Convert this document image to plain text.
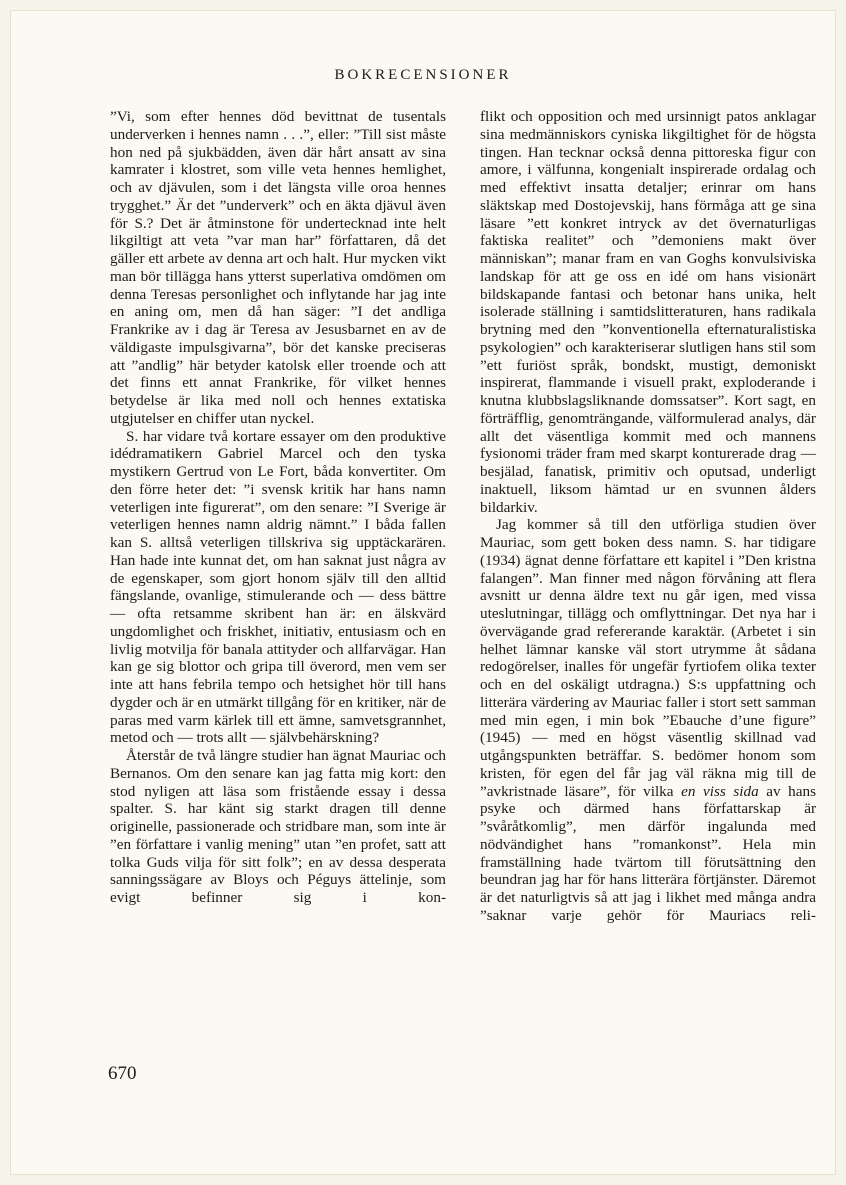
BOKRECENSIONER

”Vi, som efter hennes död bevittnat de tusentals underverken i hennes namn . . .”, eller: ”Till sist måste hon ned på sjukbädden, även där hårt ansatt av sina kamrater i klostret, som ville veta hennes hemlighet, och av djävulen, som i det längsta ville oroa hennes trygghet.” Är det ”underverk” och en äkta djävul även för S.? Det är åtminstone för undertecknad inte helt likgiltigt att veta ”var man har” författaren, då det gäller ett arbete av denna art och halt. Hur mycken vikt man bör tillägga hans ytterst superlativa omdömen om denna Teresas personlighet och inflytande har jag inte en aning om, men då han säger: ”I det andliga Frankrike av i dag är Teresa av Jesusbarnet en av de väldigaste impulsgivarna”, bör det kanske preciseras att ”andlig” här betyder katolsk eller troende och att det finns ett annat Frankrike, för vilket hennes betydelse är lika med noll och hennes extatiska utgjutelser en chiffer utan nyckel.

S. har vidare två kortare essayer om den produktive idédramatikern Gabriel Marcel och den tyska mystikern Gertrud von Le Fort, båda konvertiter. Om den förre heter det: ”i svensk kritik har hans namn veterligen inte figurerat”, om den senare: ”I Sverige är veterligen hennes namn aldrig nämnt.” I båda fallen kan S. alltså veterligen tillskriva sig upptäckarären. Han hade inte kunnat det, om han saknat just några av de egenskaper, som gjort honom själv till den alltid fängslande, ovanlige, stimulerande och — dess bättre — ofta retsamme skribent han är: en älskvärd ungdomlighet och friskhet, initiativ, entusiasm och en livlig motvilja för banala attityder och allfarvägar. Han kan ge sig blottor och gripa till överord, men vem ser inte att hans febrila tempo och hetsighet hör till hans dygder och är en utmärkt tillgång för en kritiker, när de paras med varm kärlek till ett ämne, samvetsgrannhet, metod och — trots allt — självbehärskning?

Återstår de två längre studier han ägnat Mauriac och Bernanos. Om den senare kan jag fatta mig kort: den stod nyligen att läsa som fristående essay i dessa spalter. S. har känt sig starkt dragen till denne originelle, passionerade och stridbare man, som inte är ”en författare i vanlig mening” utan ”en profet, satt att tolka Guds vilja för sitt folk”; en av dessa desperata sanningssägare av Bloys och Péguys ättelinje, som evigt befinner sig i kon-

flikt och opposition och med ursinnigt patos anklagar sina medmänniskors cyniska likgiltighet för de högsta tingen. Han tecknar också denna pittoreska figur con amore, i välfunna, kongenialt inspirerade ordalag och med effektivt insatta detaljer; erinrar om hans släktskap med Dostojevskij, hans förmåga att ge sina läsare ”ett konkret intryck av det övernaturligas faktiska realitet” och ”demoniens makt över människan”; manar fram en van Goghs konvulsiviska landskap för att ge oss en idé om hans visionärt bildskapande fantasi och betonar hans unika, helt isolerade ställning i samtidslitteraturen, hans radikala brytning med den ”konventionella efternaturalistiska psykologien” och karakteriserar slutligen hans stil som ”ett furiöst språk, bondskt, mustigt, demoniskt inspirerat, flammande i visuell prakt, exploderande i knutna klubbslagsliknande domssatser”. Kort sagt, en förträfflig, genomträngande, välformulerad analys, där allt det väsentliga kommit med och mannens fysionomi träder fram med skarpt konturerade drag — besjälad, fanatisk, primitiv och oputsad, underligt inaktuell, liksom hämtad ur en svunnen ålders bildarkiv.

Jag kommer så till den utförliga studien över Mauriac, som gett boken dess namn. S. har tidigare (1934) ägnat denne författare ett kapitel i ”Den kristna falangen”. Man finner med någon förvåning att flera avsnitt ur denna äldre text nu går igen, med vissa uteslutningar, tillägg och omflyttningar. Det nya har i övervägande grad refererande karaktär. (Arbetet i sin helhet lämnar kanske väl stort utrymme åt sådana redogörelser, inalles för ungefär fyrtiofem olika texter och en del oskäligt utdragna.) S:s uppfattning och litterära värdering av Mauriac faller i stort sett samman med min egen, i min bok ”Ebauche d’une figure” (1945) — med en högst väsentlig skillnad vad utgångspunkten beträffar. S. bedömer honom som kristen, för egen del får jag väl räkna mig till de ”avkristnade läsare”, för vilka en viss sida av hans psyke och därmed hans författarskap är ”svåråtkomlig”, men därför ingalunda med nödvändighet hans ”romankonst”. Hela min framställning hade tvärtom till förutsättning den beundran jag har för hans litterära förtjänster. Däremot är det naturligtvis så att jag i likhet med många andra ”saknar varje gehör för Mauriacs reli-

670
